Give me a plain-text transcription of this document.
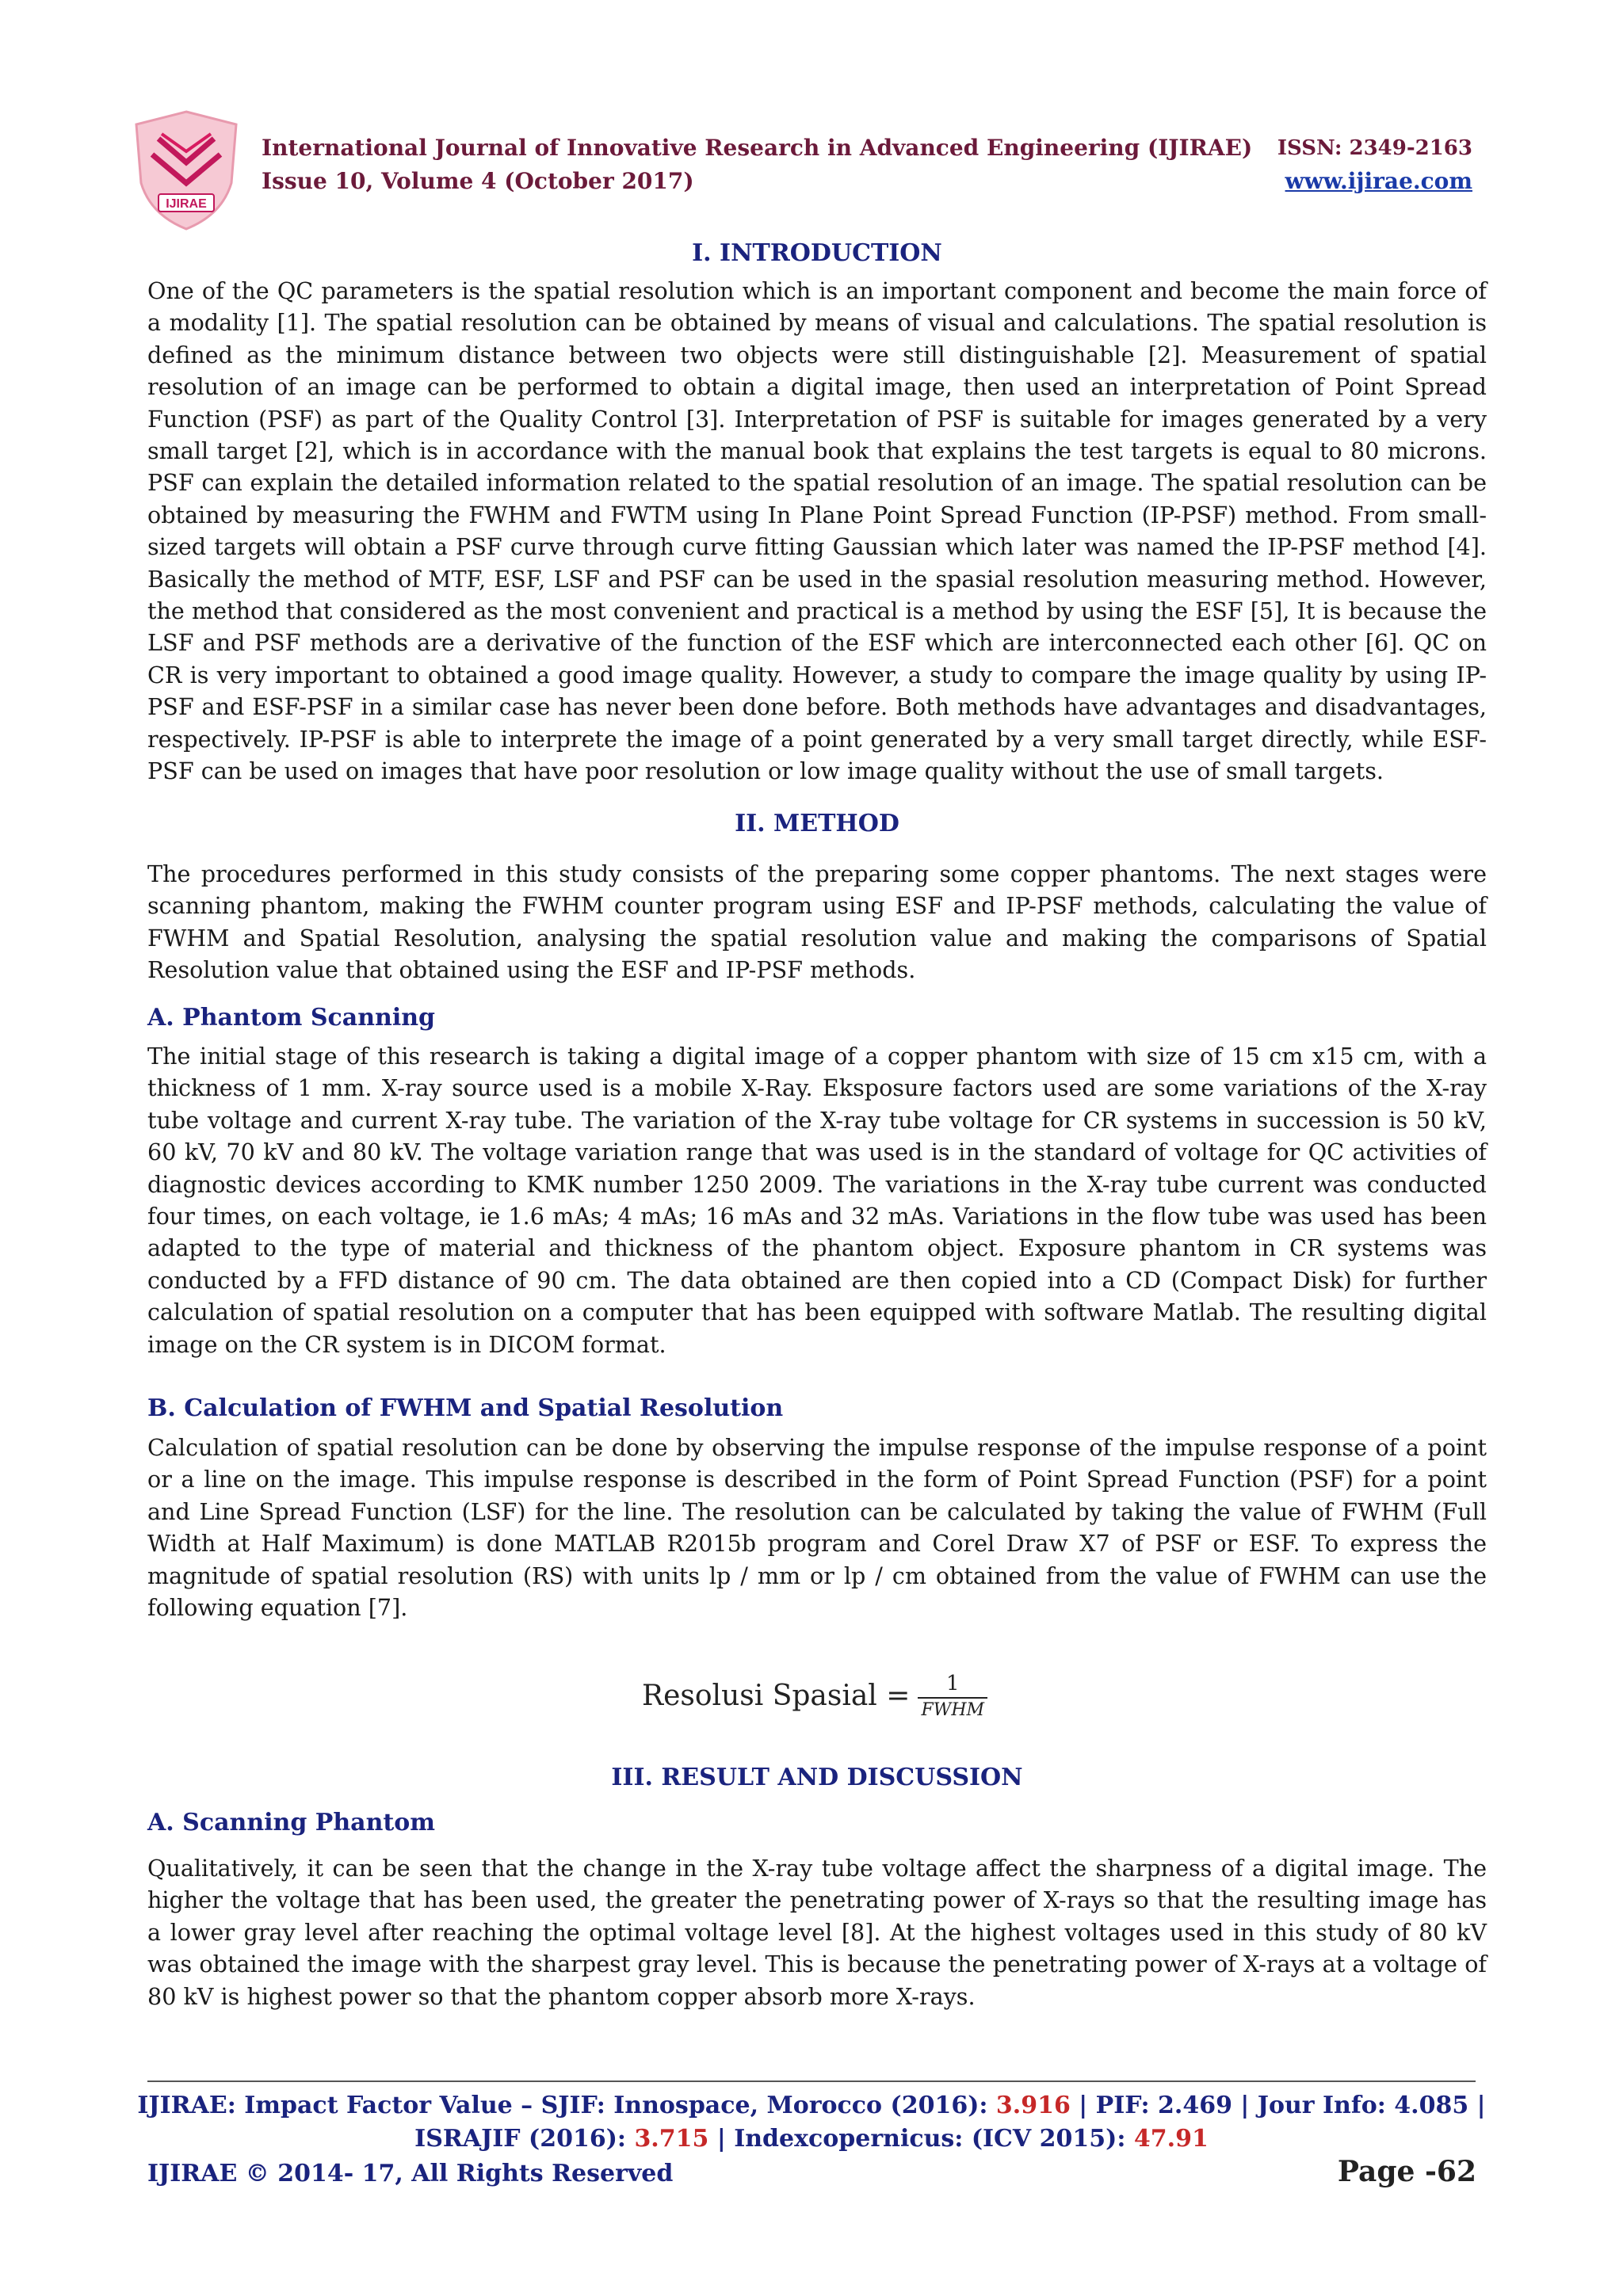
IJIRAE
International Journal of Innovative Research in Advanced Engineering (IJIRAE) ISSN: 2349-2163
Issue 10, Volume 4 (October 2017)	www.ijirae.com
I. INTRODUCTION
One of the QC parameters is the spatial resolution which is an important component and become the main force of a modality [1]. The spatial resolution can be obtained by means of visual and calculations. The spatial resolution is defined as the minimum distance between two objects were still distinguishable [2]. Measurement of spatial resolution of an image can be performed to obtain a digital image, then used an interpretation of Point Spread Function (PSF) as part of the Quality Control [3]. Interpretation of PSF is suitable for images generated by a very small target [2], which is in accordance with the manual book that explains the test targets is equal to 80 microns. PSF can explain the detailed information related to the spatial resolution of an image. The spatial resolution can be obtained by measuring the FWHM and FWTM using In Plane Point Spread Function (IP-PSF) method. From small-sized targets will obtain a PSF curve through curve fitting Gaussian which later was named the IP-PSF method [4]. Basically the method of MTF, ESF, LSF and PSF can be used in the spasial resolution measuring method. However, the method that considered as the most convenient and practical is a method by using the ESF [5], It is because the LSF and PSF methods are a derivative of the function of the ESF which are interconnected each other [6]. QC on CR is very important to obtained a good image quality. However, a study to compare the image quality by using IP-PSF and ESF-PSF in a similar case has never been done before. Both methods have advantages and disadvantages, respectively. IP-PSF is able to interprete the image of a point generated by a very small target directly, while ESF-PSF can be used on images that have poor resolution or low image quality without the use of small targets.
II. METHOD
The procedures performed in this study consists of the preparing some copper phantoms. The next stages were scanning phantom, making the FWHM counter program using ESF and IP-PSF methods, calculating the value of FWHM and Spatial Resolution, analysing the spatial resolution value and making the comparisons of Spatial Resolution value that obtained using the ESF and IP-PSF methods.
A. Phantom Scanning
The initial stage of this research is taking a digital image of a copper phantom with size of 15 cm x15 cm, with a thickness of 1 mm. X-ray source used is a mobile X-Ray. Eksposure factors used are some variations of the X-ray tube voltage and current X-ray tube. The variation of the X-ray tube voltage for CR systems in succession is 50 kV, 60 kV, 70 kV and 80 kV. The voltage variation range that was used is in the standard of voltage for QC activities of diagnostic devices according to KMK number 1250 2009. The variations in the X-ray tube current was conducted four times, on each voltage, ie 1.6 mAs; 4 mAs; 16 mAs and 32 mAs. Variations in the flow tube was used has been adapted to the type of material and thickness of the phantom object. Exposure phantom in CR systems was conducted by a FFD distance of 90 cm. The data obtained are then copied into a CD (Compact Disk) for further calculation of spatial resolution on a computer that has been equipped with software Matlab. The resulting digital image on the CR system is in DICOM format.
B. Calculation of FWHM and Spatial Resolution
Calculation of spatial resolution can be done by observing the impulse response of the impulse response of a point or a line on the image. This impulse response is described in the form of Point Spread Function (PSF) for a point and Line Spread Function (LSF) for the line. The resolution can be calculated by taking the value of FWHM (Full Width at Half Maximum) is done MATLAB R2015b program and Corel Draw X7 of PSF or ESF. To express the magnitude of spatial resolution (RS) with units lp / mm or lp / cm obtained from the value of FWHM can use the following equation [7].
Resolusi Spasial = $\frac{1}{\text{FWHM}}$
III. RESULT AND DISCUSSION
A. Scanning Phantom
Qualitatively, it can be seen that the change in the X-ray tube voltage affect the sharpness of a digital image. The higher the voltage that has been used, the greater the penetrating power of X-rays so that the resulting image has a lower gray level after reaching the optimal voltage level [8]. At the highest voltages used in this study of 80 kV was obtained the image with the sharpest gray level. This is because the penetrating power of X-rays at a voltage of 80 kV is highest power so that the phantom copper absorb more X-rays.
IJIRAE: Impact Factor Value – SJIF: Innospace, Morocco (2016): 3.916 | PIF: 2.469 | Jour Info: 4.085 |
ISRAJIF (2016): 3.715 | Indexcopernicus: (ICV 2015): 47.91
IJIRAE © 2014- 17, All Rights Reserved	Page -62
